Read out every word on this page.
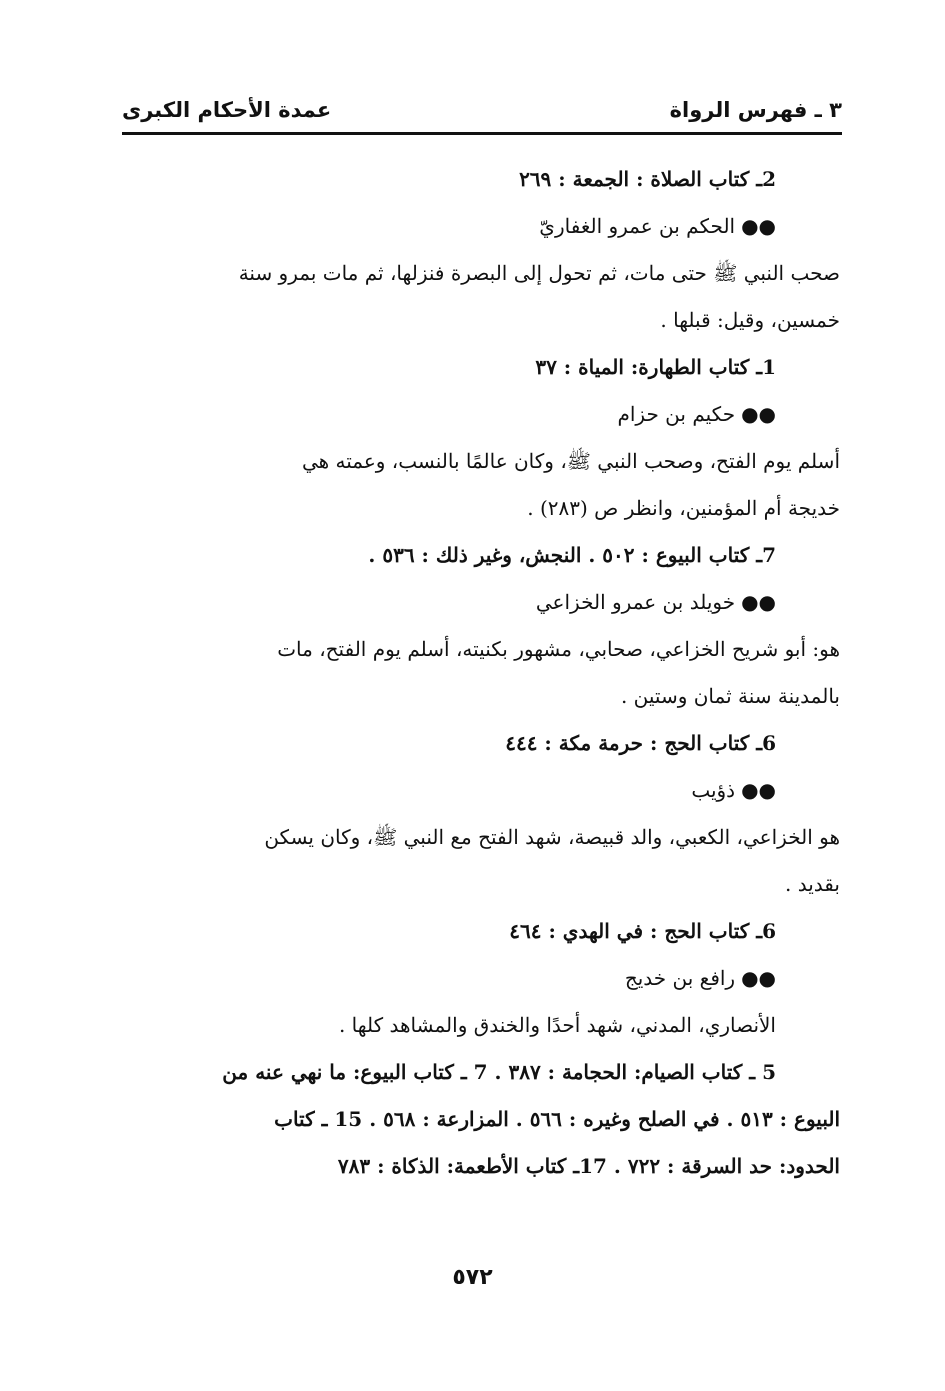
٣ ـ فهرس الرواة
عمدة الأحكام الكبرى

2ـ كتاب الصلاة : الجمعة : ٢٦٩

●●الحكم بن عمرو الغفاريّ

صحب النبي ﷺ حتى مات، ثم تحول إلى البصرة فنزلها، ثم مات بمرو سنة

خمسين، وقيل: قبلها .

1ـ كتاب الطهارة: المياة : ٣٧

●●حكيم بن حزام

أسلم يوم الفتح، وصحب النبي ﷺ، وكان عالمًا بالنسب، وعمته هي

خديجة أم المؤمنين، وانظر ص (٢٨٣) .

7ـ كتاب البيوع : ٥٠٢ . النجش، وغير ذلك : ٥٣٦ .

●●خويلد بن عمرو الخزاعي

هو: أبو شريح الخزاعي، صحابي، مشهور بكنيته، أسلم يوم الفتح، مات

بالمدينة سنة ثمان وستين .

6ـ كتاب الحج : حرمة مكة : ٤٤٤

●●ذؤيب

هو الخزاعي، الكعبي، والد قبيصة، شهد الفتح مع النبي ﷺ، وكان يسكن

بقديد .

6ـ كتاب الحج : في الهدي : ٤٦٤

●●رافع بن خديج

الأنصاري، المدني، شهد أحدًا والخندق والمشاهد كلها .

5 ـ كتاب الصيام: الحجامة : ٣٨٧ . 7 ـ كتاب البيوع: ما نهي عنه من

البيوع : ٥١٣ . في الصلح وغيره : ٥٦٦ . المزارعة : ٥٦٨ . 15 ـ كتاب

الحدود: حد السرقة : ٧٢٢ . 17ـ كتاب الأطعمة: الذكاة : ٧٨٣

٥٧٢
